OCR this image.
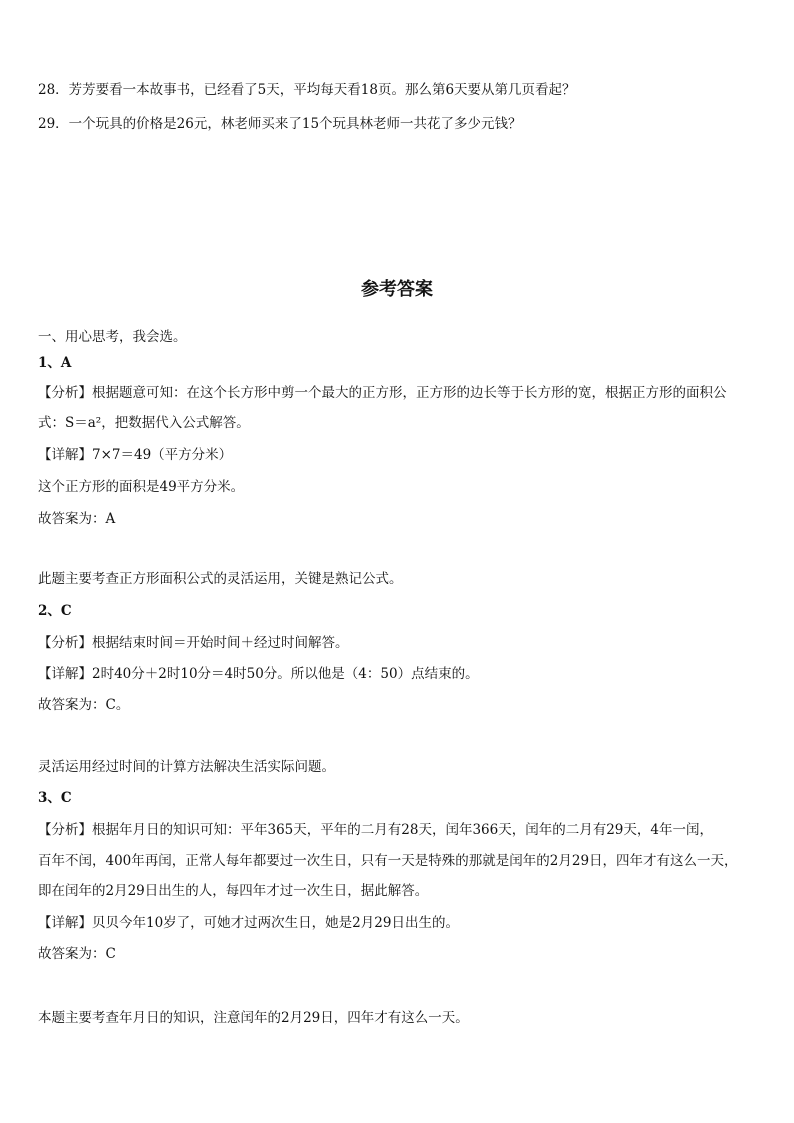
28．芳芳要看一本故事书，已经看了5天，平均每天看18页。那么第6天要从第几页看起？
29．一个玩具的价格是26元，林老师买来了15个玩具林老师一共花了多少元钱？
参考答案
一、用心思考，我会选。
1、A
【分析】根据题意可知：在这个长方形中剪一个最大的正方形，正方形的边长等于长方形的宽，根据正方形的面积公
式：S＝a²，把数据代入公式解答。
【详解】7×7＝49（平方分米）
这个正方形的面积是49平方分米。
故答案为：A
此题主要考查正方形面积公式的灵活运用，关键是熟记公式。
2、C
【分析】根据结束时间＝开始时间＋经过时间解答。
【详解】2时40分＋2时10分＝4时50分。所以他是（4：50）点结束的。
故答案为：C。
灵活运用经过时间的计算方法解决生活实际问题。
3、C
【分析】根据年月日的知识可知：平年365天，平年的二月有28天，闰年366天，闰年的二月有29天，4年一闰，
百年不闰，400年再闰，正常人每年都要过一次生日，只有一天是特殊的那就是闰年的2月29日，四年才有这么一天，
即在闰年的2月29日出生的人，每四年才过一次生日，据此解答。
【详解】贝贝今年10岁了，可她才过两次生日，她是2月29日出生的。
故答案为：C
本题主要考查年月日的知识，注意闰年的2月29日，四年才有这么一天。
